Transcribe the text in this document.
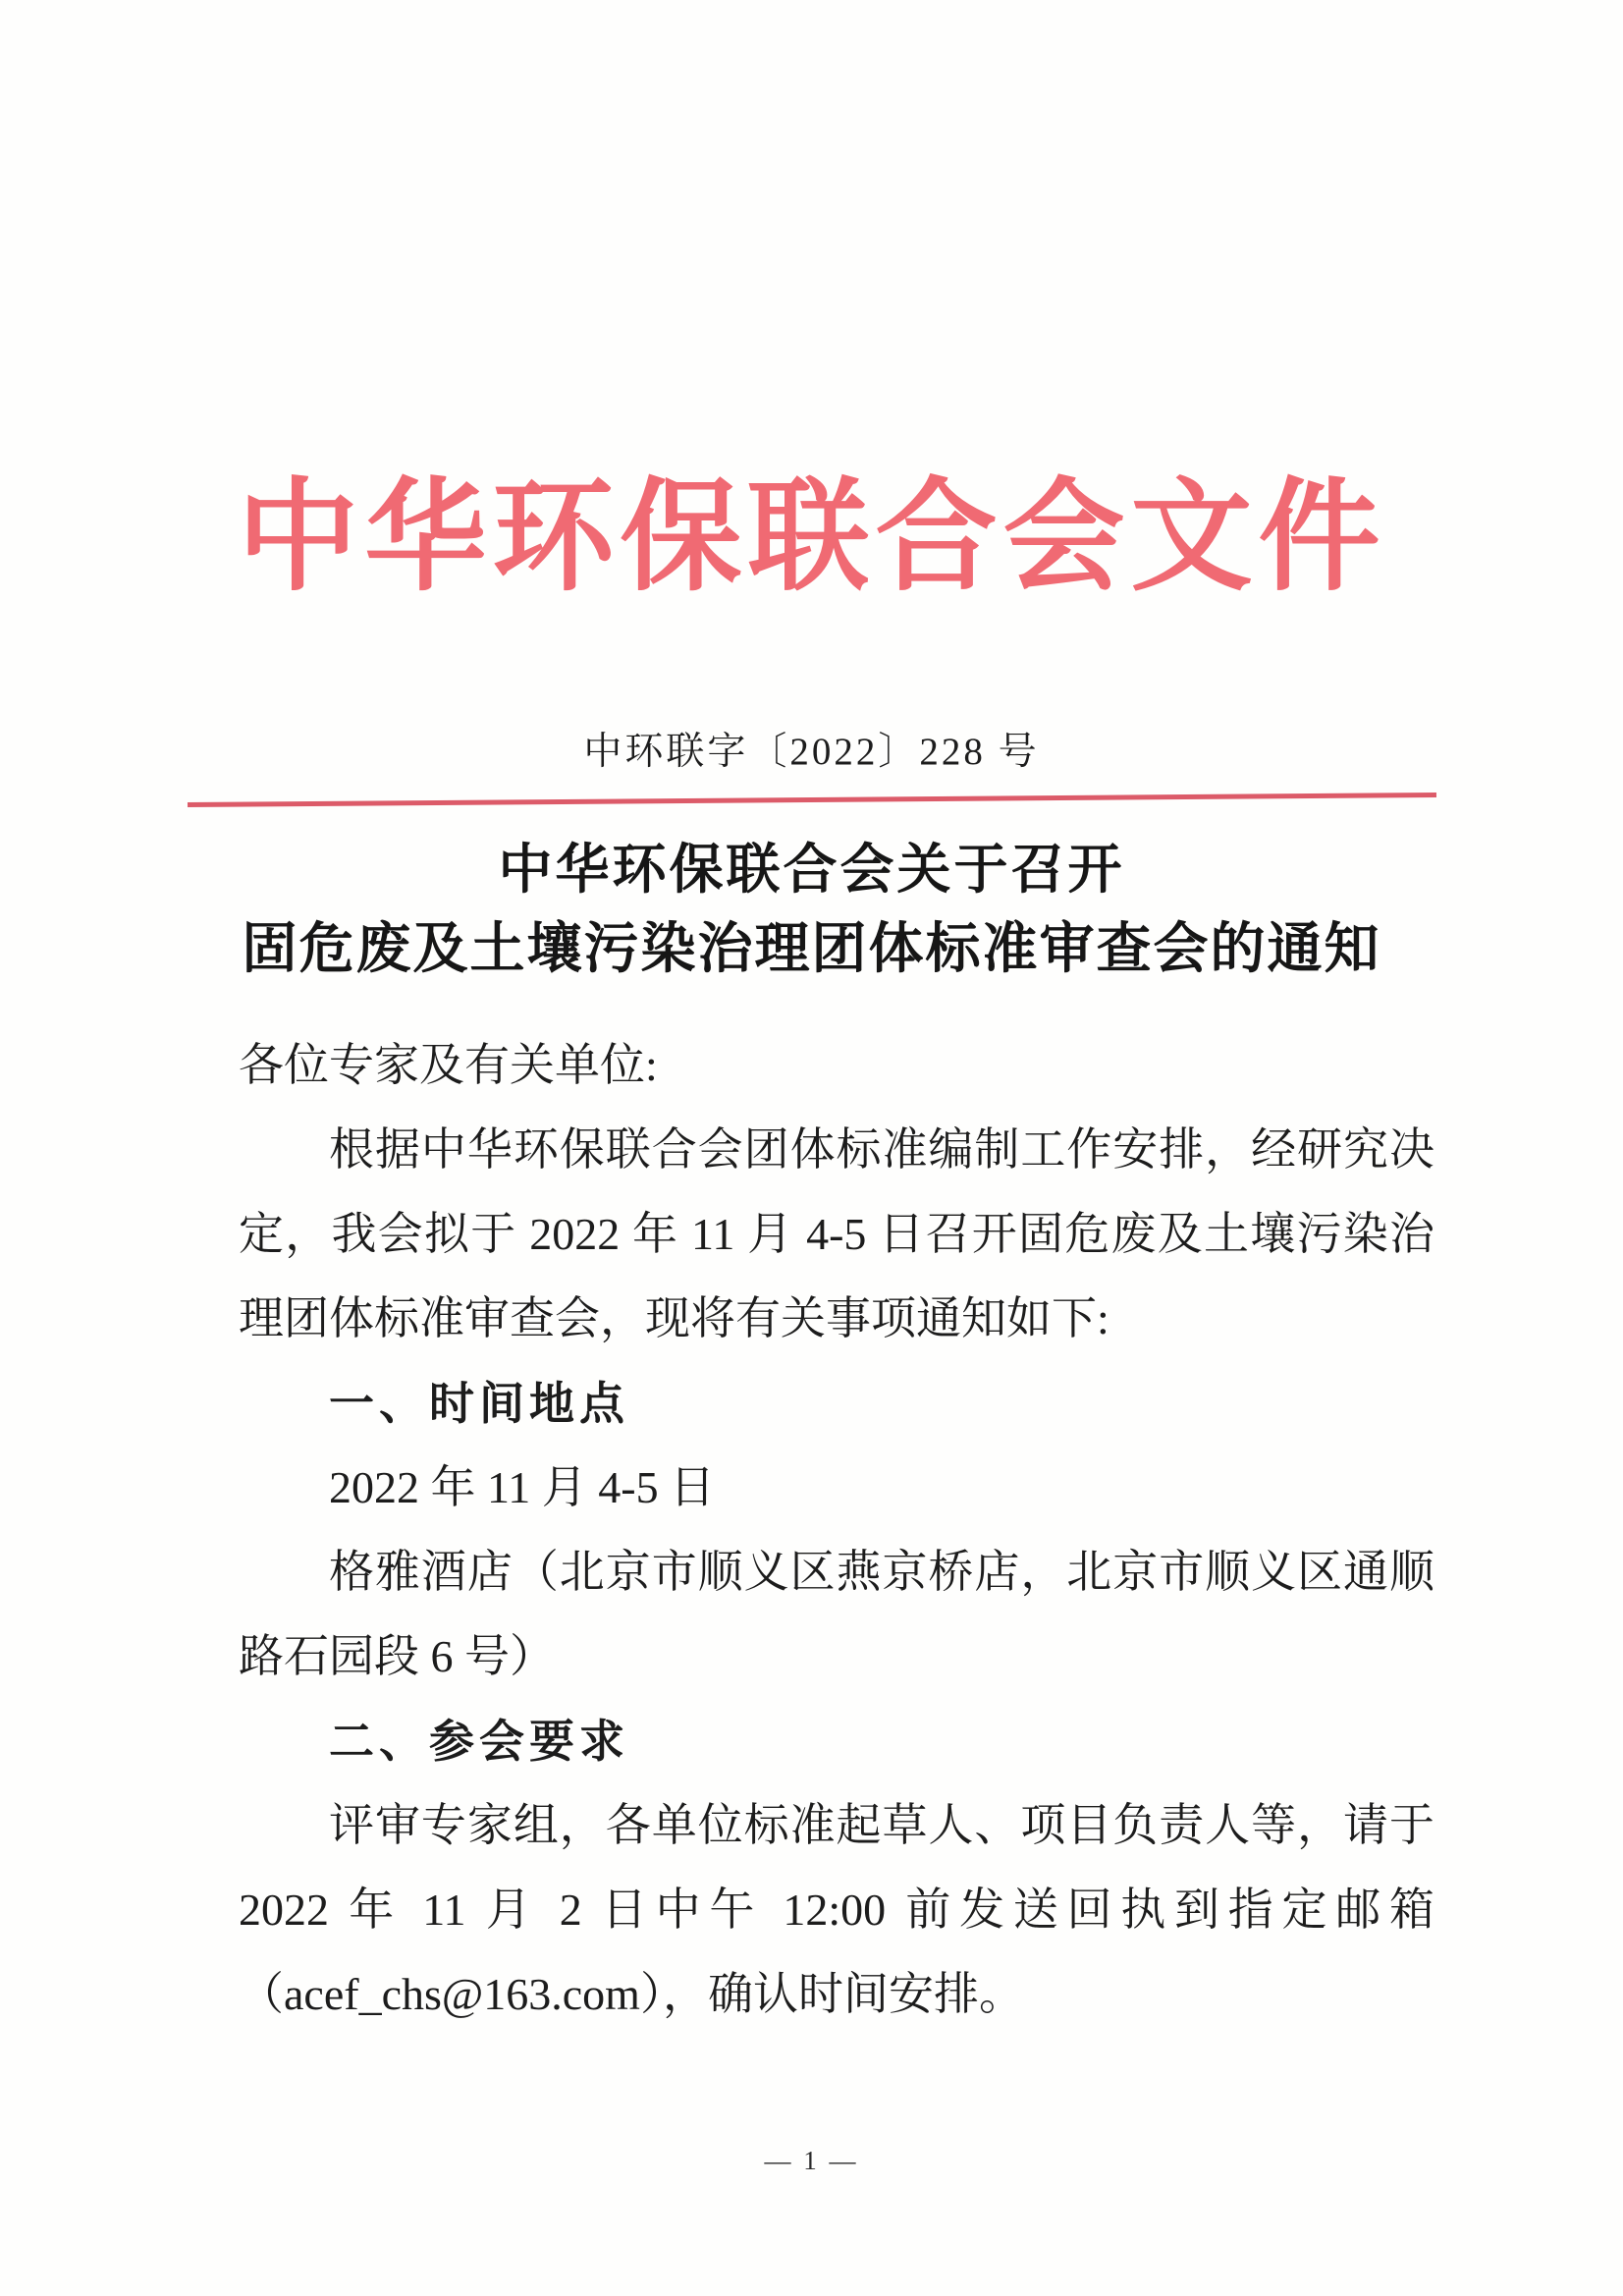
中华环保联合会文件
中环联字〔2022〕228 号
中华环保联合会关于召开
固危废及土壤污染治理团体标准审查会的通知
各位专家及有关单位:
根据中华环保联合会团体标准编制工作安排，经研究决
定，我会拟于 2022 年 11 月 4-5 日召开固危废及土壤污染治
理团体标准审查会，现将有关事项通知如下:
一、时间地点
2022 年 11 月 4-5 日
格雅酒店（北京市顺义区燕京桥店，北京市顺义区通顺
路石园段 6 号）
二、参会要求
评审专家组，各单位标准起草人、项目负责人等，请于
2022 年 11 月 2 日中午 12:00 前发送回执到指定邮箱
（acef_chs@163.com），确认时间安排。
— 1 —
